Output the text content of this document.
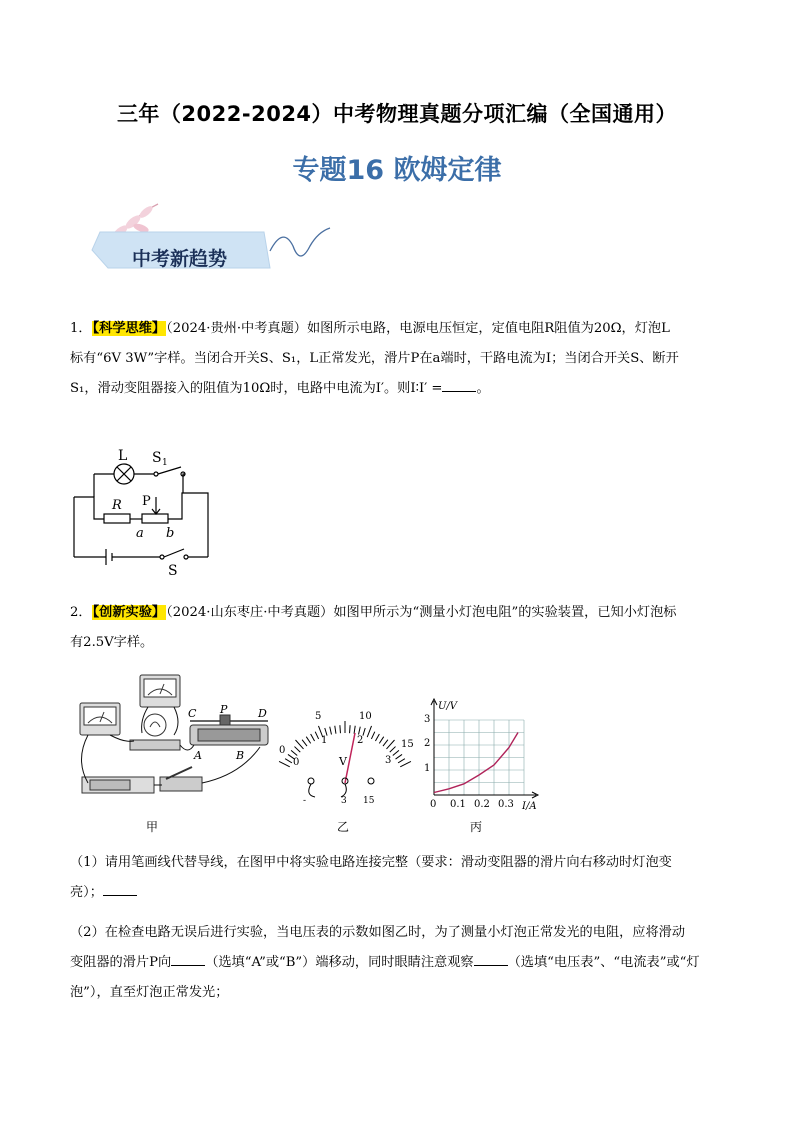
三年（2022-2024）中考物理真题分项汇编（全国通用）
专题16 欧姆定律
中考新趋势
1．【科学思维】（2024·贵州·中考真题）如图所示电路，电源电压恒定，定值电阻R阻值为20Ω，灯泡L
标有“6V 3W”字样。当闭合开关S、S₁，L正常发光，滑片P在a端时，干路电流为I；当闭合开关S、断开
S₁，滑动变阻器接入的阻值为10Ω时，电路中电流为I′。则I∶I′ =	。
L S 1
R P
a b
S
2．【创新实验】（2024·山东枣庄·中考真题）如图甲所示为“测量小灯泡电阻”的实验装置，已知小灯泡标
有2.5V字样。
C P	D
A	B
甲
0
5	10
15
0
1	2
3
V
-	3 15
乙
U/V
3
2
1
0 0.1 0.2 0.3 I/A
丙
（1）请用笔画线代替导线，在图甲中将实验电路连接完整（要求：滑动变阻器的滑片向右移动时灯泡变
亮）；
（2）在检查电路无误后进行实验，当电压表的示数如图乙时，为了测量小灯泡正常发光的电阻，应将滑动
变阻器的滑片P向	（选填“A”或“B”）端移动，同时眼睛注意观察	（选填“电压表”、“电流表”或“灯
泡”），直至灯泡正常发光；
